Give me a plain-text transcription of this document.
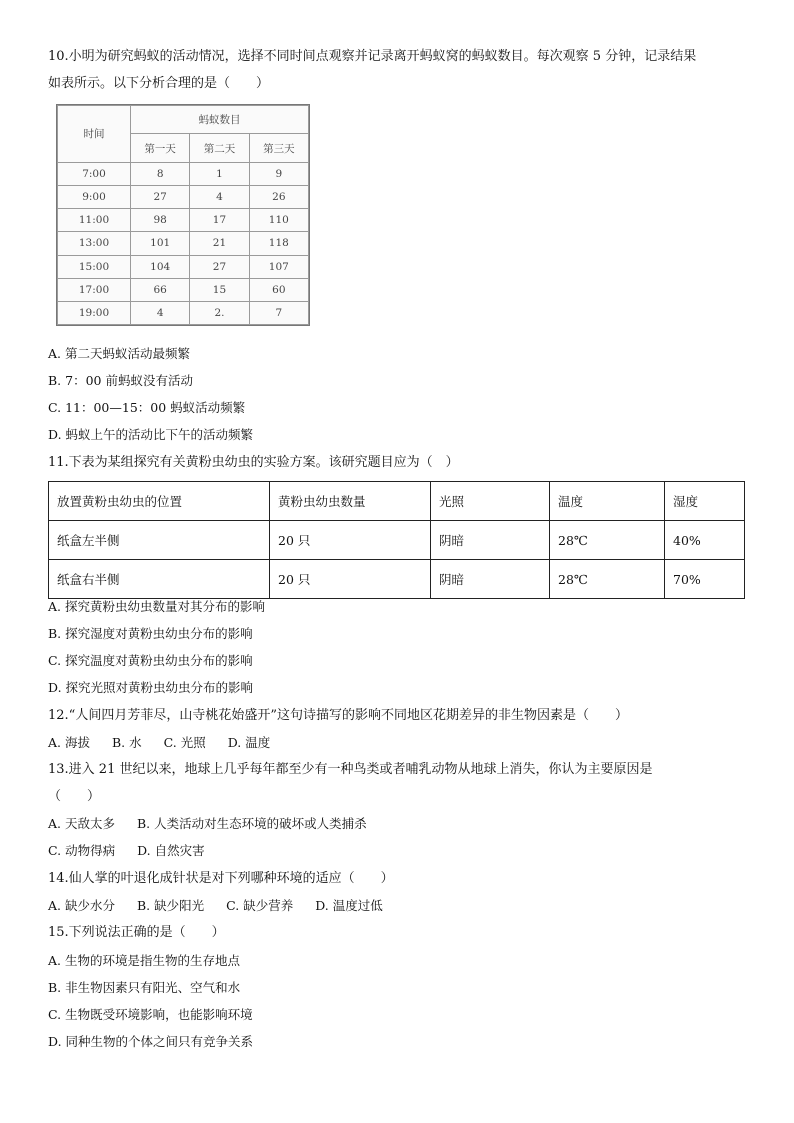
10.小明为研究蚂蚁的活动情况，选择不同时间点观察并记录离开蚂蚁窝的蚂蚁数目。每次观察 5 分钟，记录结果
如表所示。以下分析合理的是（　　）
时间	蚂蚁数目		
	第一天	第二天	第三天
7:00	8	1	9
9:00	27	4	26
11:00	98	17	110
13:00	101	21	118
15:00	104	27	107
17:00	66	15	60
19:00	4	2.	7
A. 第二天蚂蚁活动最频繁
B. 7：00 前蚂蚁没有活动
C. 11：00—15：00 蚂蚁活动频繁
D. 蚂蚁上午的活动比下午的活动频繁
11.下表为某组探究有关黄粉虫幼虫的实验方案。该研究题目应为（　）
放置黄粉虫幼虫的位置	黄粉虫幼虫数量	光照	温度	湿度
纸盒左半侧	20 只	阴暗	28℃	40%
纸盒右半侧	20 只	阴暗	28℃	70%
A. 探究黄粉虫幼虫数量对其分布的影响
B. 探究湿度对黄粉虫幼虫分布的影响
C. 探究温度对黄粉虫幼虫分布的影响
D. 探究光照对黄粉虫幼虫分布的影响
12.“人间四月芳菲尽，山寺桃花始盛开”这句诗描写的影响不同地区花期差异的非生物因素是（　　）
A. 海拔 B. 水 C. 光照 D. 温度
13.进入 21 世纪以来，地球上几乎每年都至少有一种鸟类或者哺乳动物从地球上消失，你认为主要原因是
（　　）
A. 天敌太多 B. 人类活动对生态环境的破坏或人类捕杀
C. 动物得病 D. 自然灾害
14.仙人掌的叶退化成针状是对下列哪种环境的适应（　　）
A. 缺少水分 B. 缺少阳光 C. 缺少营养 D. 温度过低
15.下列说法正确的是（　　）
A. 生物的环境是指生物的生存地点
B. 非生物因素只有阳光、空气和水
C. 生物既受环境影响，也能影响环境
D. 同种生物的个体之间只有竞争关系
